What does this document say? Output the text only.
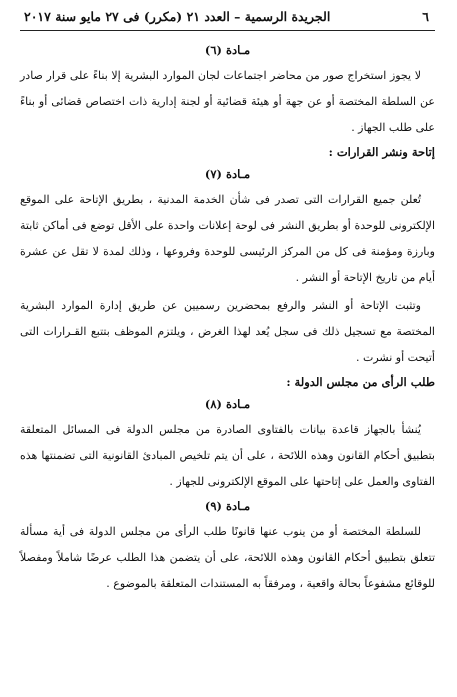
٦
الجريدة الرسمية – العدد ٢١ (مكرر) فى ٢٧ مايو سنة ٢٠١٧
مـادة (٦)

لا يجوز استخراج صور من محاضر اجتماعات لجان الموارد البشرية إلا بناءً على قرار صادر عن السلطة المختصة أو عن جهة أو هيئة قضائية أو لجنة إدارية ذات اختصاص قضائى أو بناءً على طلب الجهاز .

إتاحة ونشر القرارات :
مـادة (٧)

تُعلن جميع القرارات التى تصدر فى شأن الخدمة المدنية ، بطريق الإتاحة على الموقع الإلكترونى للوحدة أو بطريق النشر فى لوحة إعلانات واحدة على الأقل توضع فى أماكن ثابتة وبارزة ومؤمنة فى كل من المركز الرئيسى للوحدة وفروعها ، وذلك لمدة لا تقل عن عشرة أيام من تاريخ الإتاحة أو النشر .

وتثبت الإتاحة أو النشر والرفع بمحضرين رسميين عن طريق إدارة الموارد البشرية المختصة مع تسجيل ذلك فى سجل يُعد لهذا الغرض ، ويلتزم الموظف بتتبع القـرارات التى أتيحت أو نشرت .

طلب الرأى من مجلس الدولة :
مـادة (٨)

يُنشأ بالجهاز قاعدة بيانات بالفتاوى الصادرة من مجلس الدولة فى المسائل المتعلقة بتطبيق أحكام القانون وهذه اللائحة ، على أن يتم تلخيص المبادئ القانونية التى تضمنتها هذه الفتاوى والعمل على إتاحتها على الموقع الإلكترونى للجهاز .

مـادة (٩)

للسلطة المختصة أو من ينوب عنها قانونًا طلب الرأى من مجلس الدولة فى أية مسألة تتعلق بتطبيق أحكام القانون وهذه اللائحة، على أن يتضمن هذا الطلب عرضًا شاملاً ومفصلاً للوقائع مشفوعاً بحالة واقعية ، ومرفقاً به المستندات المتعلقة بالموضوع .
